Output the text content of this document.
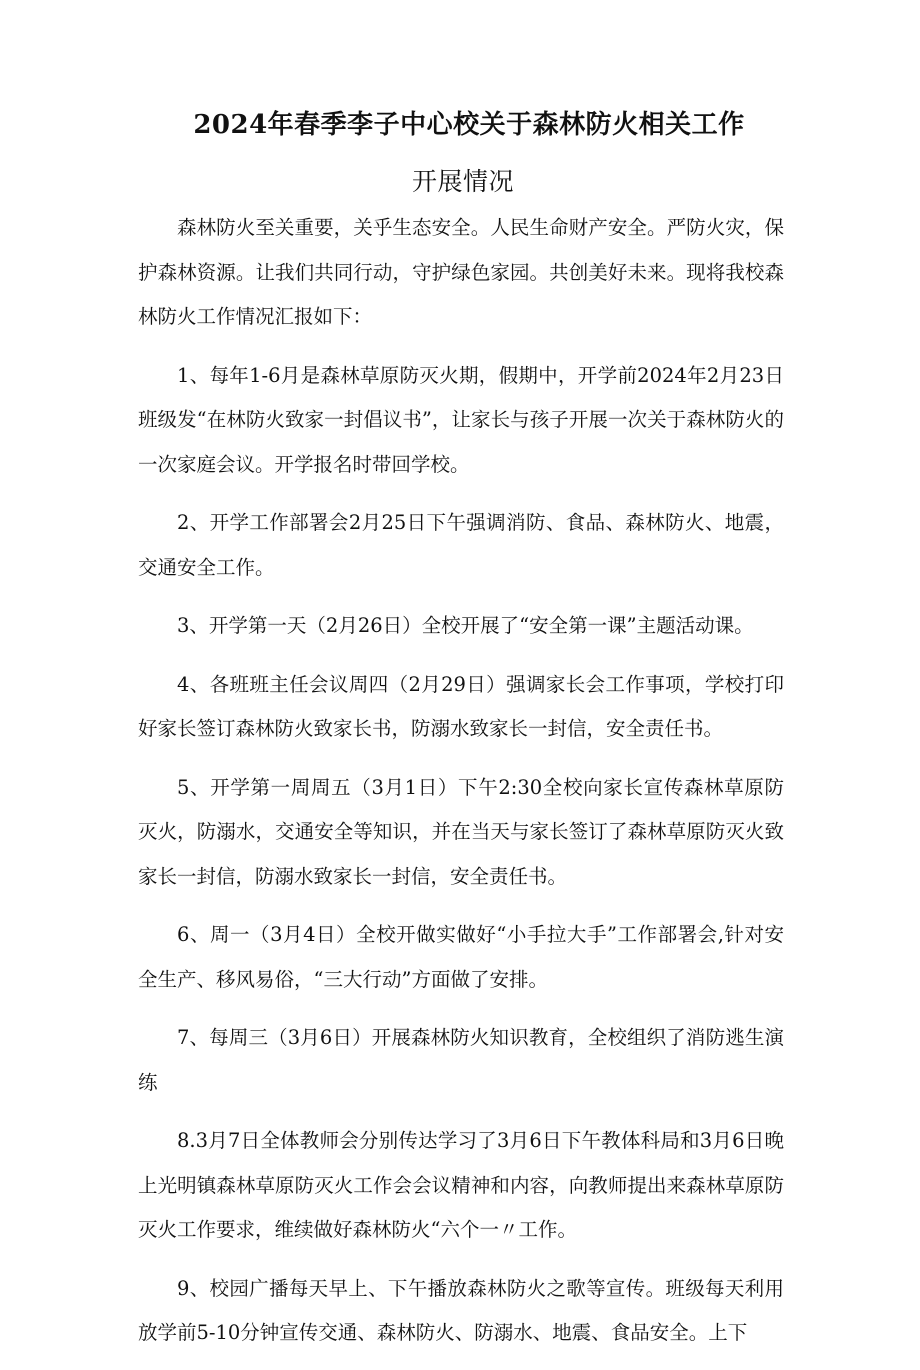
2024年春季李子中心校关于森林防火相关工作
开展情况

森林防火至关重要，关乎生态安全。人民生命财产安全。严防火灾，保护森林资源。让我们共同行动，守护绿色家园。共创美好未来。现将我校森林防火工作情况汇报如下：

1、每年1-6月是森林草原防灭火期，假期中，开学前2024年2月23日班级发“在林防火致家一封倡议书”，让家长与孩子开展一次关于森林防火的一次家庭会议。开学报名时带回学校。

2、开学工作部署会2月25日下午强调消防、食品、森林防火、地震，交通安全工作。

3、开学第一天（2月26日）全校开展了“安全第一课”主题活动课。

4、各班班主任会议周四（2月29日）强调家长会工作事项，学校打印好家长签订森林防火致家长书，防溺水致家长一封信，安全责任书。

5、开学第一周周五（3月1日）下午2:30全校向家长宣传森林草原防灭火，防溺水，交通安全等知识，并在当天与家长签订了森林草原防灭火致家长一封信，防溺水致家长一封信，安全责任书。

6、周一（3月4日）全校开做实做好“小手拉大手”工作部署会,针对安全生产、移风易俗，“三大行动”方面做了安排。

7、每周三（3月6日）开展森林防火知识教育，全校组织了消防逃生演练

8.3月7日全体教师会分别传达学习了3月6日下午教体科局和3月6日晚上光明镇森林草原防灭火工作会会议精神和内容，向教师提出来森林草原防灭火工作要求，维续做好森林防火“六个一〃工作。

9、校园广播每天早上、下午播放森林防火之歌等宣传。班级每天利用放学前5-10分钟宣传交通、森林防火、防溺水、地震、食品安全。上下
